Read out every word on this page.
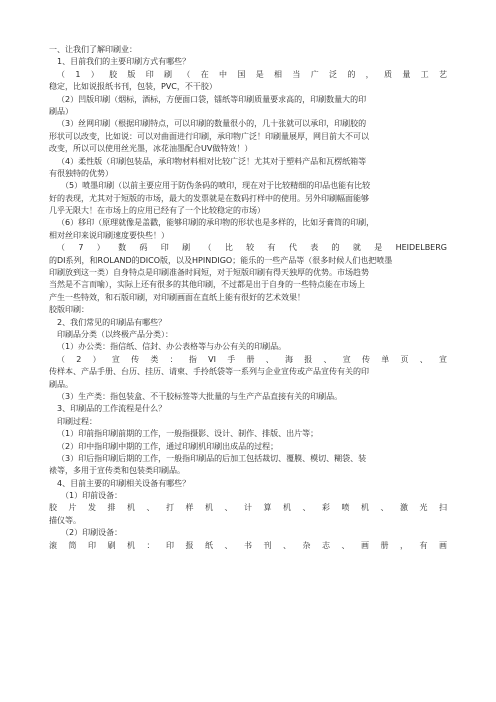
一、让我们了解印刷业：
1、目前我们的主要印刷方式有哪些？
（1）胶版印刷（在中国是相当广泛的，质量工艺
稳定，比如说报纸书刊，包装，PVC，不干胶）
（2）凹版印刷（烟标，酒标，方便面口袋，镭纸等印刷质量要求高的，印刷数量大的印
刷品）
（3）丝网印刷（根据印刷特点，可以印刷的数量很小的，几十张就可以承印，印刷胶的
形状可以改变，比如说：可以对曲面进行印刷，承印物广泛！印刷量展厚，网目前大不可以
改变，所以可以使用丝光墨，冰花油墨配合UV做特效！）
（4）柔性版（印刷包装品，承印物材料相对比较广泛！尤其对于塑料产品和瓦楞纸箱等
有很独特的优势）
（5）喷墨印刷（以前主要应用于防伪条码的喷印，现在对于比较精细的印品也能有比较
好的表现，尤其对于短版的市场，最大的发票就是在数码打样中的使用。另外印刷幅面能够
几乎无限大！在市场上的应用已经有了一个比较稳定的市场）
（6）移印（原理就像是盖戳，能够印刷的承印物的形状也是多样的，比如牙膏筒的印刷，
相对丝印来说印刷速度要快些！）
（7）数码印刷（比较有代表的就是HEIDELBERG
的DI系列，和ROLAND的DICO版，以及HPINDIGO；能乐的一些产品等（很多时候人们也把喷墨
印刷放到这一类）自身特点是印刷准备时间短，对于短版印刷有得天独厚的优势。市场趋势
当然是不言而喻），实际上还有很多的其他印刷，不过都是出于自身的一些特点能在市场上
产生一些特效，和石版印刷，对印刷画面在直纸上能有很好的艺术效果！
胶版印刷：
2、我们常见的印刷品有哪些？
印刷品分类（以终极产品分类）：
（1）办公类：指信纸、信封、办公表格等与办公有关的印刷品。
（2）宣传类：指VI手册、海报、宣传单页、宣
传样本、产品手册、台历、挂历、请柬、手拎纸袋等一系列与企业宣传或产品宣传有关的印
刷品。
（3）生产类：指包装盒、不干胶标签等大批量的与生产产品直接有关的印刷品。
3、印刷品的工作流程是什么？
印刷过程：
（1）印前指印刷前期的工作，一般指摄影、设计、制作、排版、出片等；
（2）印中指印刷中期的工作，通过印刷机印刷出成品的过程；
（3）印后指印刷后期的工作，一般指印刷品的后加工包括裁切、覆膜、模切、糊袋、装
裱等，多用于宣传类和包装类印刷品。
4、目前主要的印刷相关设备有哪些？
（1）印前设备：
胶片发排机、打样机、计算机、彩喷机、激光扫
描仪等。
（2）印刷设备：
滚筒印刷机：印报纸、书刊、杂志、画册，有画
